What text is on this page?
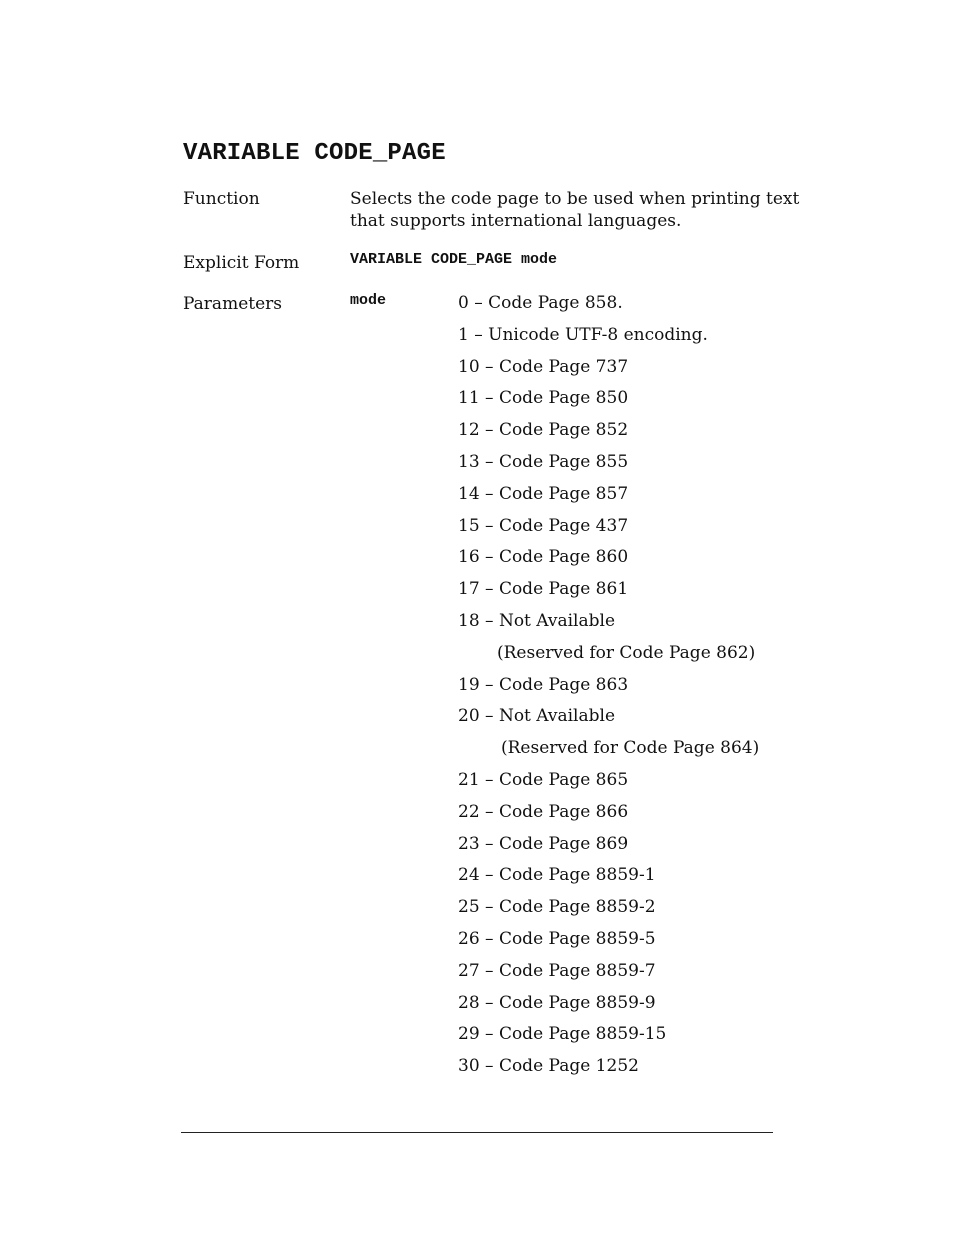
VARIABLE CODE_PAGE
Function	Selects the code page to be used when printing text
that supports international languages.
Explicit Form	VARIABLE CODE_PAGE mode
Parameters	mode	0 – Code Page 858.
1 – Unicode UTF-8 encoding.
10 – Code Page 737
11 – Code Page 850
12 – Code Page 852
13 – Code Page 855
14 – Code Page 857
15 – Code Page 437
16 – Code Page 860
17 – Code Page 861
18 – Not Available
(Reserved for Code Page 862)
19 – Code Page 863
20 – Not Available
(Reserved for Code Page 864)
21 – Code Page 865
22 – Code Page 866
23 – Code Page 869
24 – Code Page 8859-1
25 – Code Page 8859-2
26 – Code Page 8859-5
27 – Code Page 8859-7
28 – Code Page 8859-9
29 – Code Page 8859-15
30 – Code Page 1252
